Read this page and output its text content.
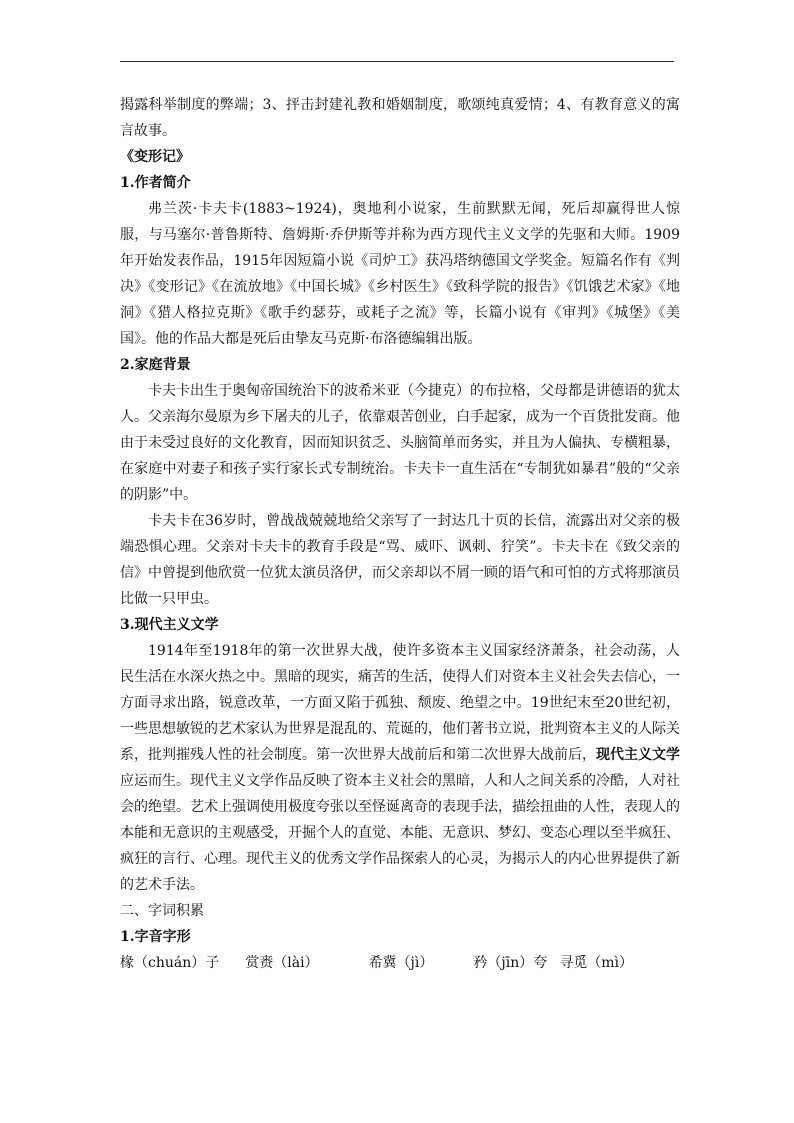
揭露科举制度的弊端；3、抨击封建礼教和婚姻制度，歌颂纯真爱情；4、有教育意义的寓言故事。

《变形记》

1.作者简介

弗兰茨·卡夫卡(1883~1924)，奥地利小说家，生前默默无闻，死后却赢得世人惊服，与马塞尔·普鲁斯特、詹姆斯·乔伊斯等并称为西方现代主义文学的先驱和大师。1909年开始发表作品，1915年因短篇小说《司炉工》获冯塔纳德国文学奖金。短篇名作有《判决》《变形记》《在流放地》《中国长城》《乡村医生》《致科学院的报告》《饥饿艺术家》《地洞》《猎人格拉克斯》《歌手约瑟芬，或耗子之流》等，长篇小说有《审判》《城堡》《美国》。他的作品大都是死后由挚友马克斯·布洛德编辑出版。

2.家庭背景

卡夫卡出生于奥匈帝国统治下的波希米亚（今捷克）的布拉格，父母都是讲德语的犹太人。父亲海尔曼原为乡下屠夫的儿子，依靠艰苦创业，白手起家，成为一个百货批发商。他由于未受过良好的文化教育，因而知识贫乏、头脑简单而务实，并且为人偏执、专横粗暴，在家庭中对妻子和孩子实行家长式专制统治。卡夫卡一直生活在“专制犹如暴君”般的“父亲的阴影”中。

卡夫卡在36岁时，曾战战兢兢地给父亲写了一封达几十页的长信，流露出对父亲的极端恐惧心理。父亲对卡夫卡的教育手段是“骂、威吓、讽刺、狞笑”。卡夫卡在《致父亲的信》中曾提到他欣赏一位犹太演员洛伊，而父亲却以不屑一顾的语气和可怕的方式将那演员比做一只甲虫。

3.现代主义文学

1914年至1918年的第一次世界大战，使许多资本主义国家经济萧条，社会动荡，人民生活在水深火热之中。黑暗的现实，痛苦的生活，使得人们对资本主义社会失去信心，一方面寻求出路，锐意改革，一方面又陷于孤独、颓废、绝望之中。19世纪末至20世纪初，一些思想敏锐的艺术家认为世界是混乱的、荒诞的，他们著书立说，批判资本主义的人际关系，批判摧残人性的社会制度。第一次世界大战前后和第二次世界大战前后，现代主义文学应运而生。现代主义文学作品反映了资本主义社会的黑暗，人和人之间关系的冷酷，人对社会的绝望。艺术上强调使用极度夸张以至怪诞离奇的表现手法，描绘扭曲的人性，表现人的本能和无意识的主观感受，开掘个人的直觉、本能、无意识、梦幻、变态心理以至半疯狂、疯狂的言行、心理。现代主义的优秀文学作品探索人的心灵，为揭示人的内心世界提供了新的艺术手法。

二、字词积累

1.字音字形

椽（chuán）子 赏赉（lài）	希冀（jì）	矜（jīn）夸 寻觅（mì）
